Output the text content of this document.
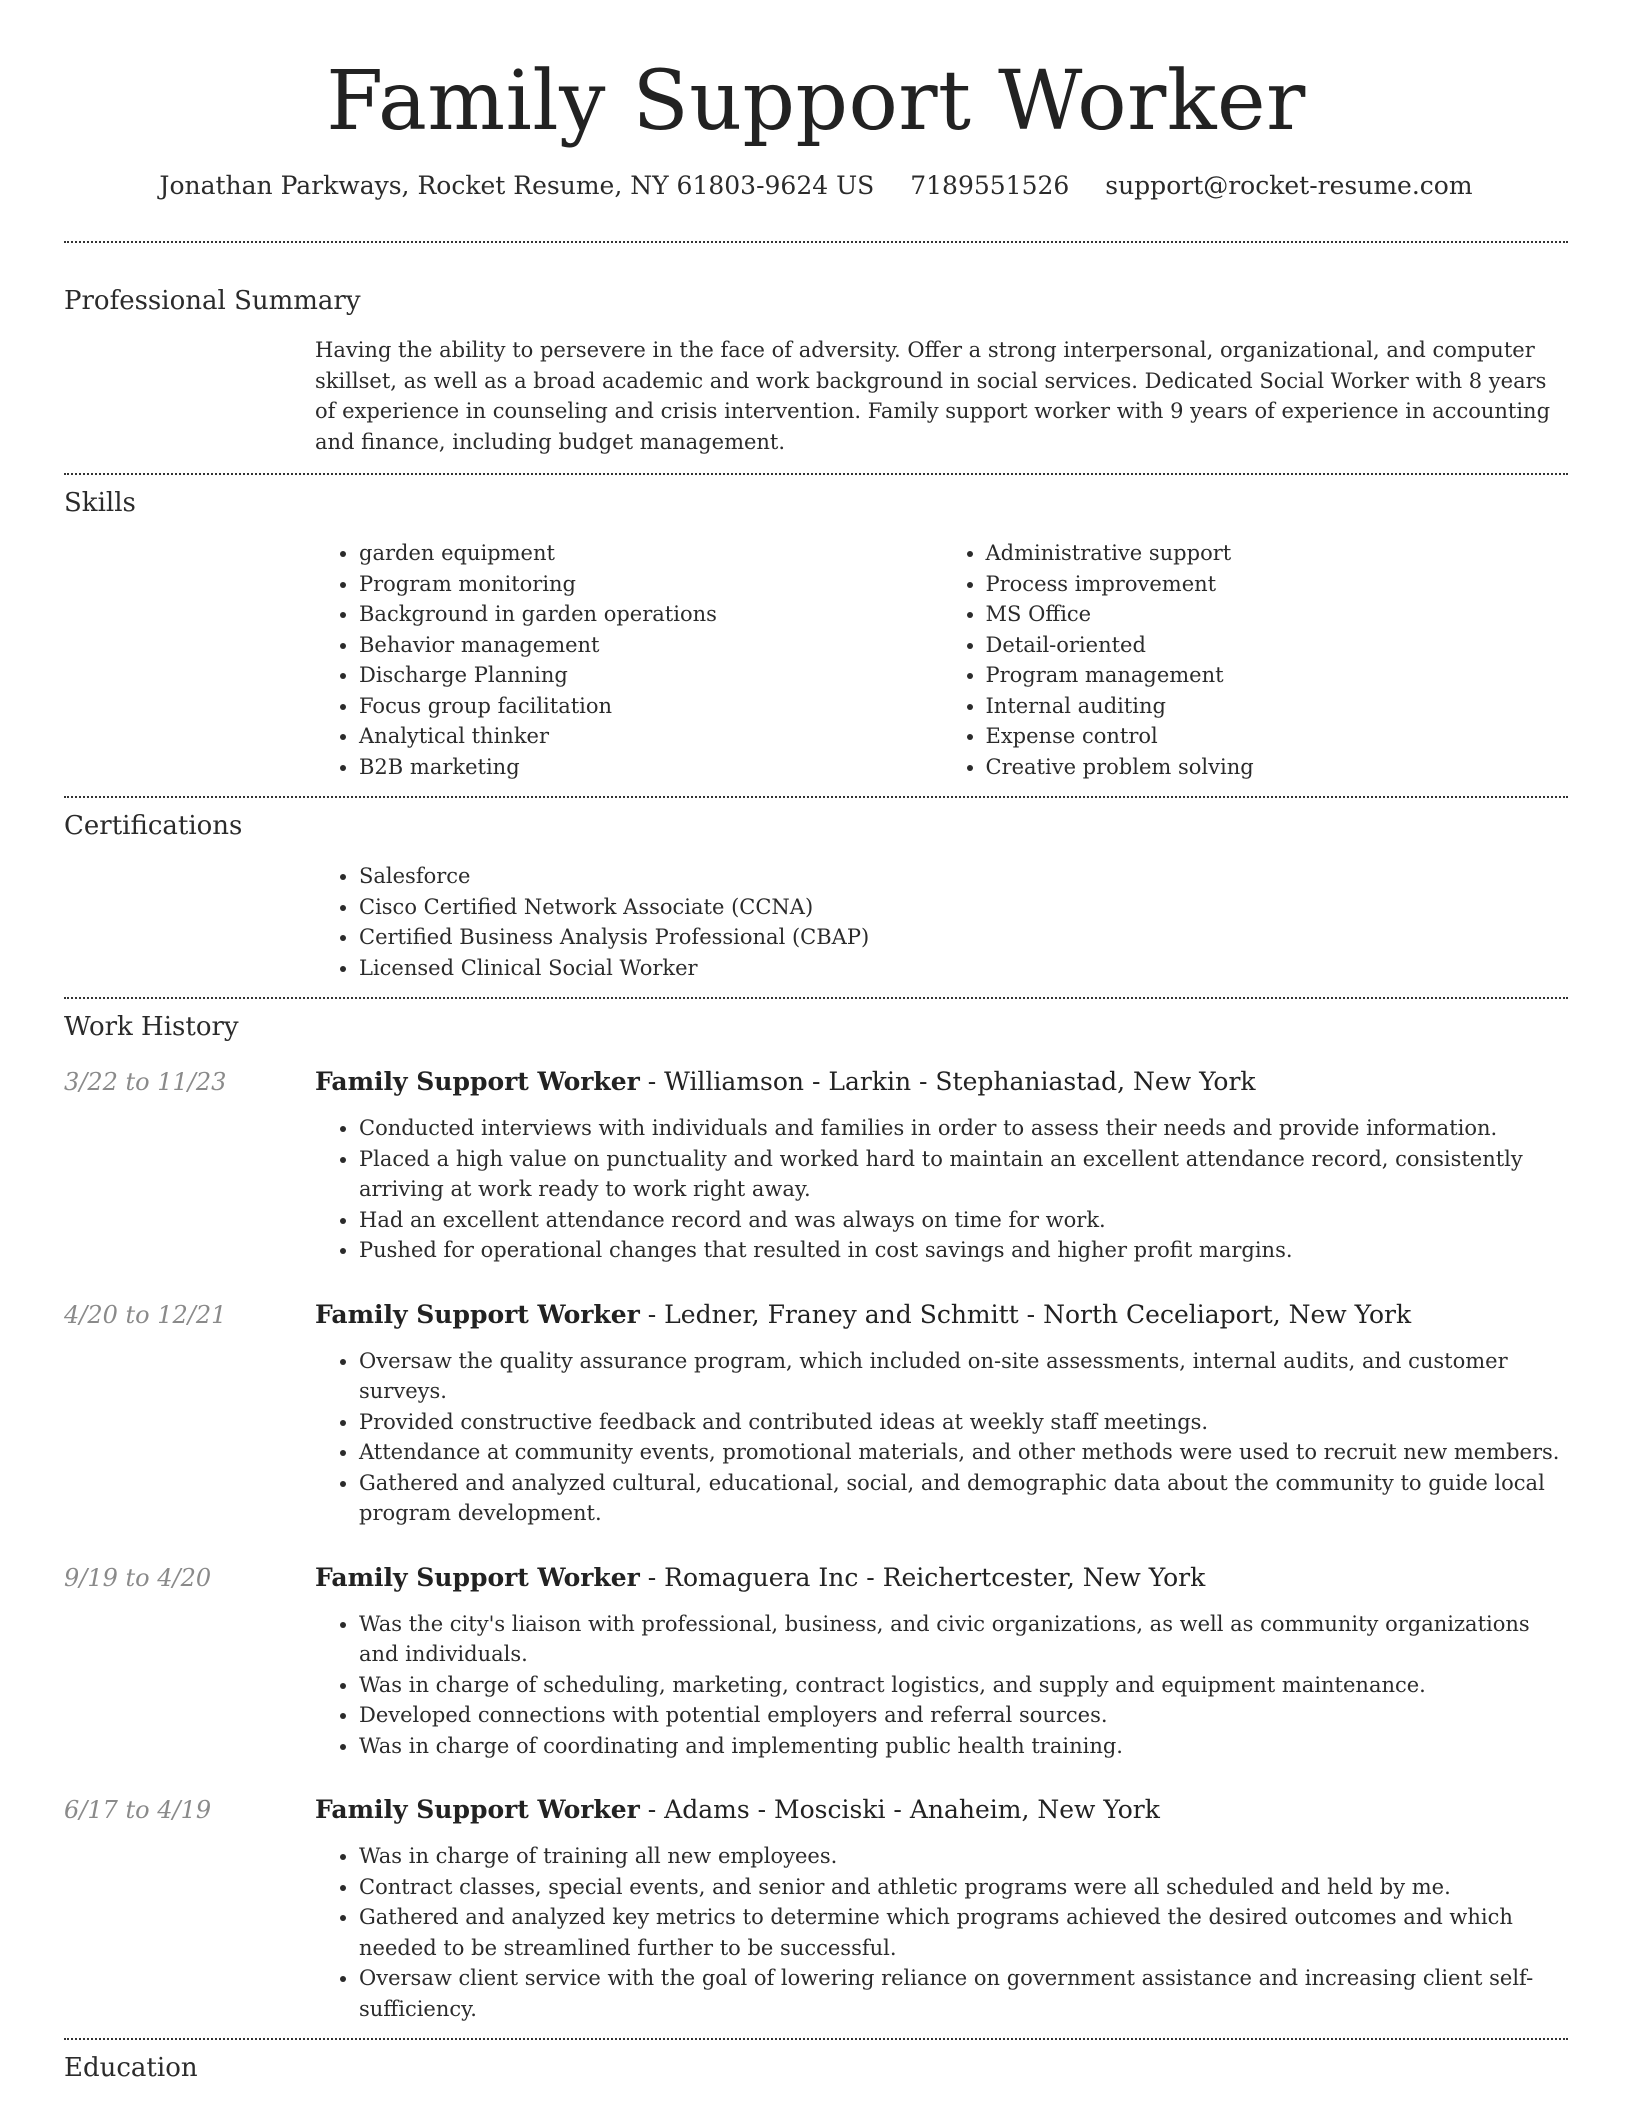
Family Support Worker
Jonathan Parkways, Rocket Resume, NY 61803-9624 US 7189551526 support@rocket-resume.com
Professional Summary
Having the ability to persevere in the face of adversity. Offer a strong interpersonal, organizational, and computer skillset, as well as a broad academic and work background in social services. Dedicated Social Worker with 8 years of experience in counseling and crisis intervention. Family support worker with 9 years of experience in accounting and finance, including budget management.
Skills
• garden equipment
• Program monitoring
• Background in garden operations
• Behavior management
• Discharge Planning
• Focus group facilitation
• Analytical thinker
• B2B marketing
• Administrative support
• Process improvement
• MS Office
• Detail-oriented
• Program management
• Internal auditing
• Expense control
• Creative problem solving
Certifications
• Salesforce
• Cisco Certified Network Associate (CCNA)
• Certified Business Analysis Professional (CBAP)
• Licensed Clinical Social Worker
Work History
3/22 to 11/23	Family Support Worker - Williamson - Larkin - Stephaniastad, New York
• Conducted interviews with individuals and families in order to assess their needs and provide information.
• Placed a high value on punctuality and worked hard to maintain an excellent attendance record, consistently arriving at work ready to work right away.
• Had an excellent attendance record and was always on time for work.
• Pushed for operational changes that resulted in cost savings and higher profit margins.
4/20 to 12/21	Family Support Worker - Ledner, Franey and Schmitt - North Ceceliaport, New York
• Oversaw the quality assurance program, which included on-site assessments, internal audits, and customer surveys.
• Provided constructive feedback and contributed ideas at weekly staff meetings.
• Attendance at community events, promotional materials, and other methods were used to recruit new members.
• Gathered and analyzed cultural, educational, social, and demographic data about the community to guide local program development.
9/19 to 4/20	Family Support Worker - Romaguera Inc - Reichertcester, New York
• Was the city's liaison with professional, business, and civic organizations, as well as community organizations and individuals.
• Was in charge of scheduling, marketing, contract logistics, and supply and equipment maintenance.
• Developed connections with potential employers and referral sources.
• Was in charge of coordinating and implementing public health training.
6/17 to 4/19	Family Support Worker - Adams - Mosciski - Anaheim, New York
• Was in charge of training all new employees.
• Contract classes, special events, and senior and athletic programs were all scheduled and held by me.
• Gathered and analyzed key metrics to determine which programs achieved the desired outcomes and which needed to be streamlined further to be successful.
• Oversaw client service with the goal of lowering reliance on government assistance and increasing client self-sufficiency.
Education
